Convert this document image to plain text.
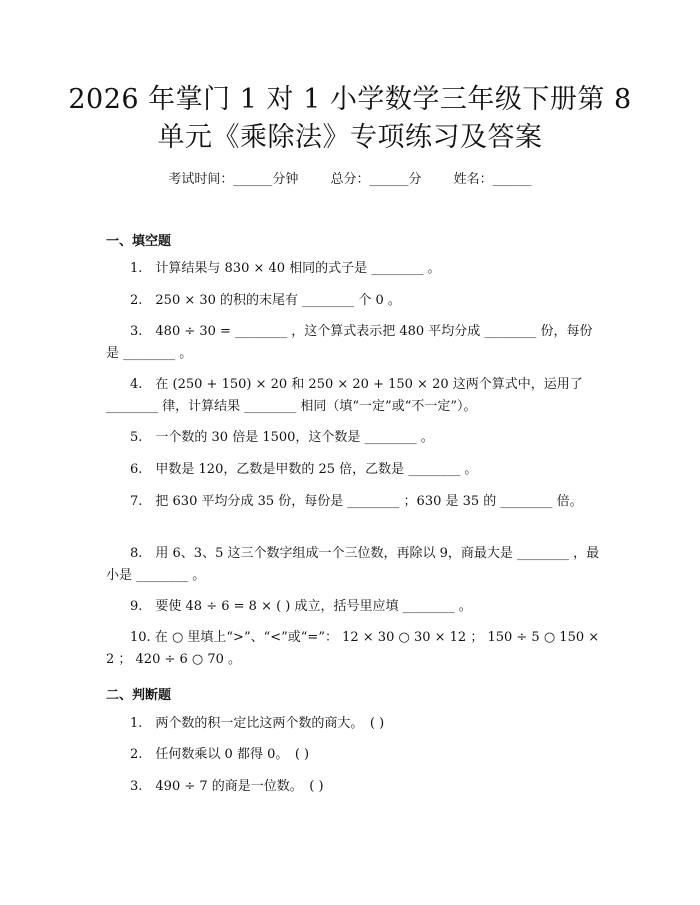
2026 年掌门 1 对 1 小学数学三年级下册第 8
单元《乘除法》专项练习及答案
考试时间：______分钟 总分：______分 姓名：______
一、填空题
1.　计算结果与 830 × 40 相同的式子是 ________ 。
2.　250 × 30 的积的末尾有 ________ 个 0 。
3.　480 ÷ 30 = ________ ，这个算式表示把 480 平均分成 ________ 份，每份是 ________ 。
4.　在 (250 + 150) × 20 和 250 × 20 + 150 × 20 这两个算式中，运用了 ________ 律，计算结果 ________ 相同（填“一定”或“不一定”）。
5.　一个数的 30 倍是 1500，这个数是 ________ 。
6.　甲数是 120，乙数是甲数的 25 倍，乙数是 ________ 。
7.　把 630 平均分成 35 份，每份是 ________ ；630 是 35 的 ________ 倍。
8.　用 6、3、5 这三个数字组成一个三位数，再除以 9，商最大是 ________ ，最小是 ________ 。
9.　要使 48 ÷ 6 = 8 × ( ) 成立，括号里应填 ________ 。
10. 在 ○ 里填上“>”、“<”或“=”： 12 × 30 ○ 30 × 12 ； 150 ÷ 5 ○ 150 × 2 ； 420 ÷ 6 ○ 70 。
二、判断题
1.　两个数的积一定比这两个数的商大。　( )
2.　任何数乘以 0 都得 0。　( )
3.　490 ÷ 7 的商是一位数。　( )
